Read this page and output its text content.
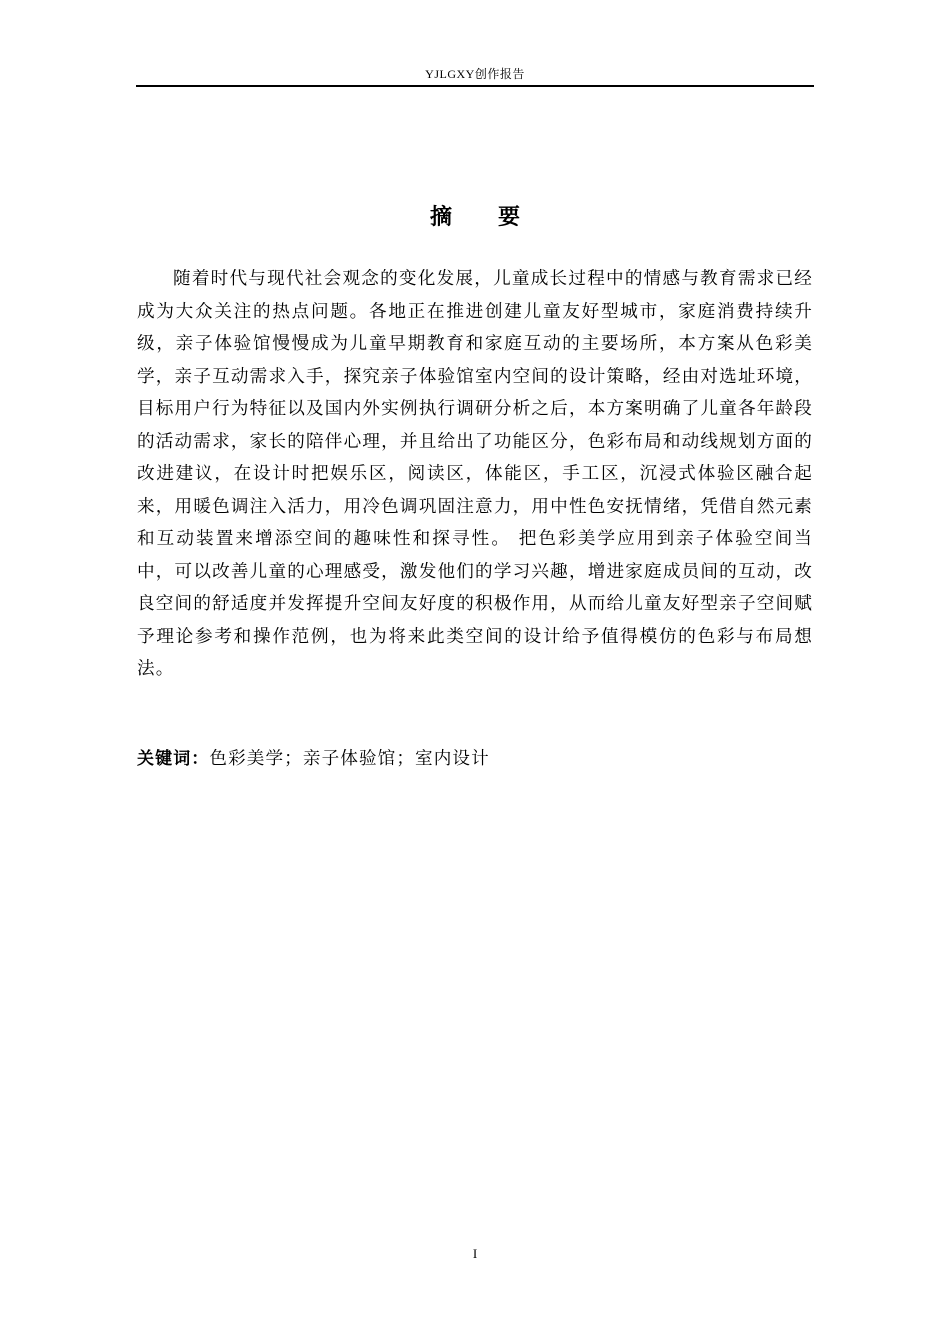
YJLGXY创作报告
摘 要

随着时代与现代社会观念的变化发展，儿童成长过程中的情感与教育需求已经成为大众关注的热点问题。各地正在推进创建儿童友好型城市，家庭消费持续升级，亲子体验馆慢慢成为儿童早期教育和家庭互动的主要场所，本方案从色彩美学，亲子互动需求入手，探究亲子体验馆室内空间的设计策略，经由对选址环境，目标用户行为特征以及国内外实例执行调研分析之后，本方案明确了儿童各年龄段的活动需求，家长的陪伴心理，并且给出了功能区分，色彩布局和动线规划方面的改进建议，在设计时把娱乐区，阅读区，体能区，手工区，沉浸式体验区融合起来，用暖色调注入活力，用冷色调巩固注意力，用中性色安抚情绪，凭借自然元素和互动装置来增添空间的趣味性和探寻性。 把色彩美学应用到亲子体验空间当中，可以改善儿童的心理感受，激发他们的学习兴趣，增进家庭成员间的互动，改良空间的舒适度并发挥提升空间友好度的积极作用，从而给儿童友好型亲子空间赋予理论参考和操作范例，也为将来此类空间的设计给予值得模仿的色彩与布局想法。

关键词：色彩美学；亲子体验馆；室内设计
I
